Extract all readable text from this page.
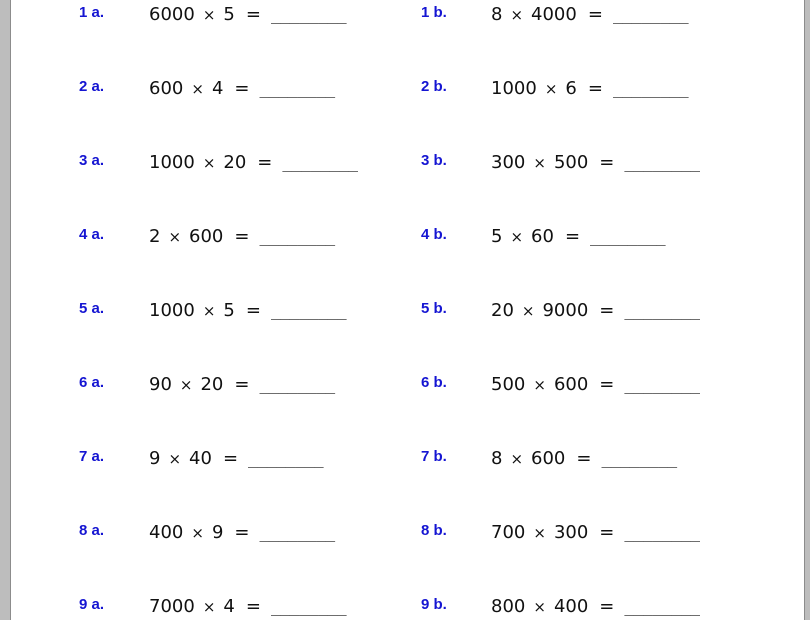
1 a. 6000 × 5 = ________
2 a. 600 × 4 = ________
3 a. 1000 × 20 = ________
4 a. 2 × 600 = ________
5 a. 1000 × 5 = ________
6 a. 90 × 20 = ________
7 a. 9 × 40 = ________
8 a. 400 × 9 = ________
9 a. 7000 × 4 = ________
1 b. 8 × 4000 = ________
2 b. 1000 × 6 = ________
3 b. 300 × 500 = ________
4 b. 5 × 60 = ________
5 b. 20 × 9000 = ________
6 b. 500 × 600 = ________
7 b. 8 × 600 = ________
8 b. 700 × 300 = ________
9 b. 800 × 400 = ________
